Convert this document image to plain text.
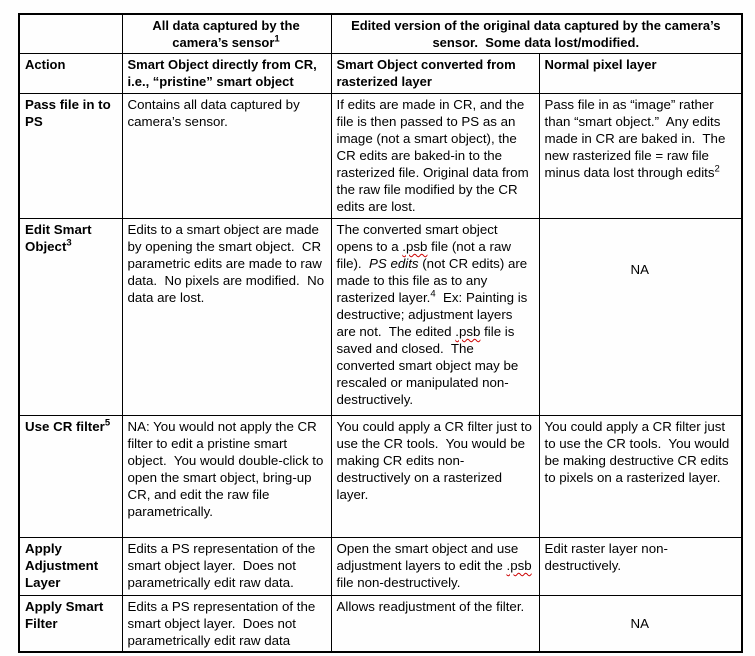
	All data captured by the camera’s sensor$^1$	Edited version of the original data captured by the camera’s sensor.  Some data lost/modified.	
Action	Smart Object directly from CR, i.e., “pristine” smart object	Smart Object converted from rasterized layer	Normal pixel layer
Pass file in to PS	Contains all data captured by camera’s sensor.	If edits are made in CR, and the file is then passed to PS as an image (not a smart object), the CR edits are baked-in to the rasterized file. Original data from the raw file modified by the CR edits are lost.	Pass file in as “image” rather than “smart object.”  Any edits made in CR are baked in.  The new rasterized file = raw file minus data lost through edits$^2$
Edit Smart Object$^3$	Edits to a smart object are made by opening the smart object.  CR parametric edits are made to raw data.  No pixels are modified.  No data are lost.	The converted smart object opens to a .psb file (not a raw file).  PS edits (not CR edits) are made to this file as to any rasterized layer.$^4$  Ex: Painting is destructive; adjustment layers are not.  The edited .psb file is saved and closed.  The converted smart object may be rescaled or manipulated non-destructively.	NA
Use CR filter$^5$	NA: You would not apply the CR filter to edit a pristine smart object.  You would double-click to open the smart object, bring-up CR, and edit the raw file parametrically.	You could apply a CR filter just to use the CR tools.  You would be making CR edits non-destructively on a rasterized layer.	You could apply a CR filter just to use the CR tools.  You would be making destructive CR edits to pixels on a rasterized layer.
Apply Adjustment Layer	Edits a PS representation of the smart object layer.  Does not parametrically edit raw data.	Open the smart object and use adjustment layers to edit the .psb file non-destructively.	Edit raster layer non-destructively.
Apply Smart Filter	Edits a PS representation of the smart object layer.  Does not parametrically edit raw data	Allows readjustment of the filter.	NA
